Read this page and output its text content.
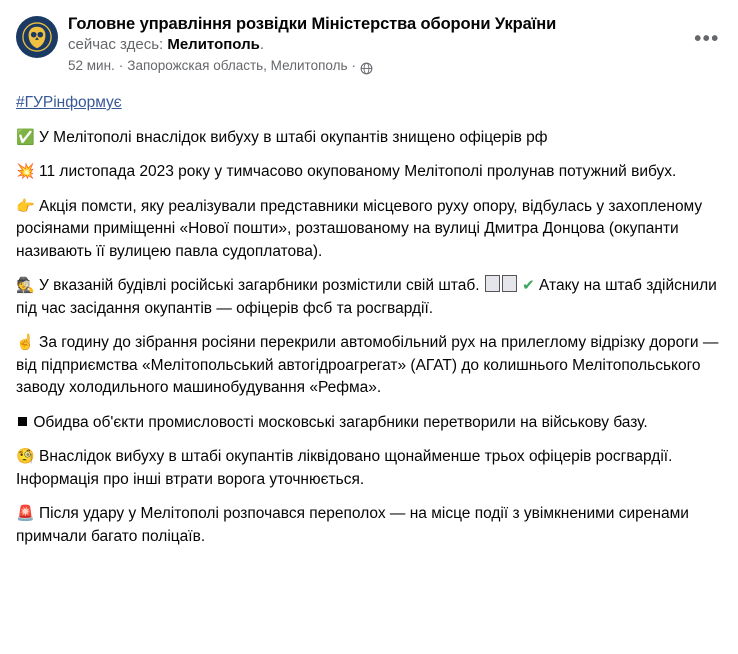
Головне управління розвідки Міністерства оборони України
сейчас здесь: Мелитополь.
52 мин. · Запорожская область, Мелитополь ·
•••
#ГУРінформує
✅ У Мелітополі внаслідок вибуху в штабі окупантів знищено офіцерів рф
💥 11 листопада 2023 року у тимчасово окупованому Мелітополі пролунав потужний вибух.
👉 Акція помсти, яку реалізували представники місцевого руху опору, відбулась у захопленому росіянами приміщенні «Нової пошти», розташованому на вулиці Дмитра Донцова (окупанти називають її вулицею павла судоплатова).
🕵️ У вказаній будівлі російські загарбники розмістили свій штаб.	✔ Атаку на штаб здійснили під час засідання окупантів — офіцерів фсб та росгвардії.
☝️ За годину до зібрання росіяни перекрили автомобільний рух на прилеглому відрізку дороги — від підприємства «Мелітопольський автогідроагрегат» (АГАТ) до колишнього Мелітопольського заводу холодильного машинобудування «Рефма».
Обидва об'єкти промисловості московські загарбники перетворили на військову базу.
🧐 Внаслідок вибуху в штабі окупантів ліквідовано щонайменше трьох офіцерів росгвардії. Інформація про інші втрати ворога уточнюється.
🚨 Після удару у Мелітополі розпочався переполох — на місце події з увімкненими сиренами примчали багато поліцаїв.
